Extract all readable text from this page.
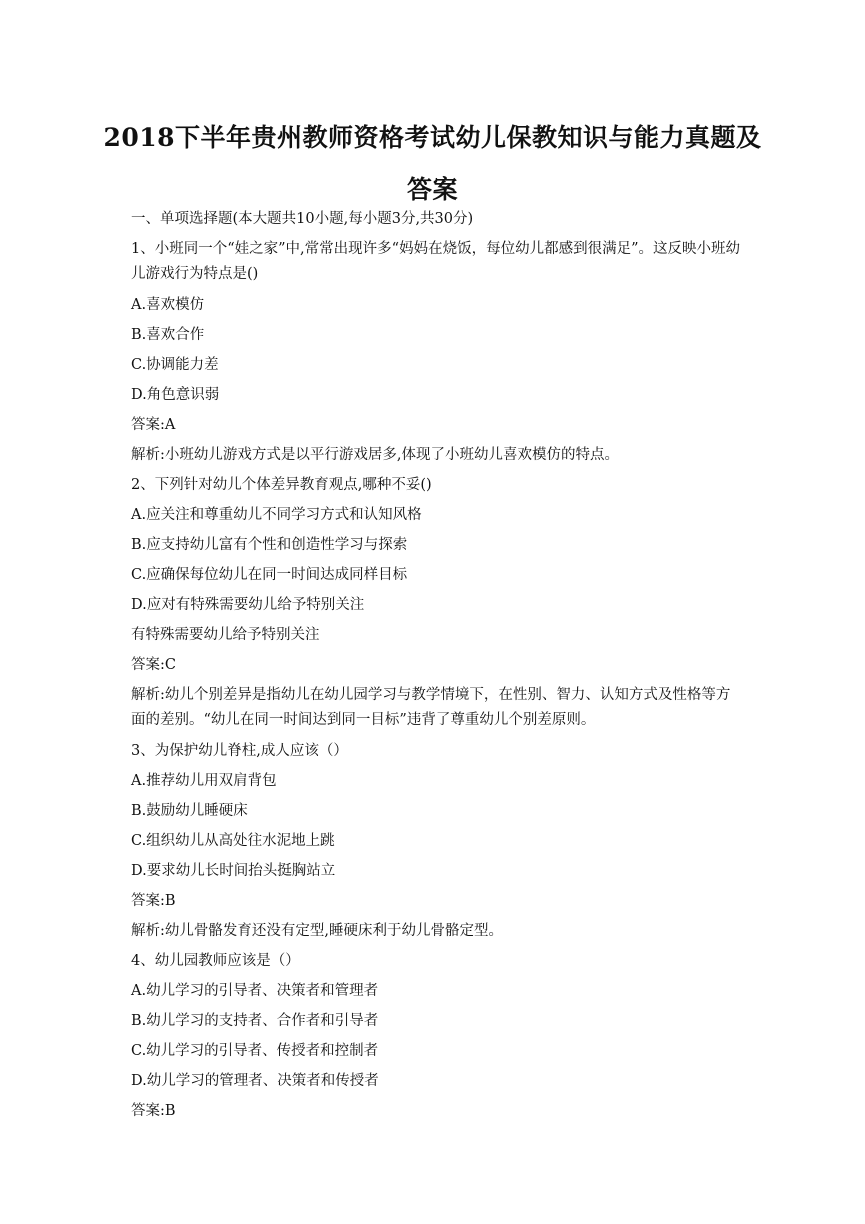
2018下半年贵州教师资格考试幼儿保教知识与能力真题及
答案

一、单项选择题(本大题共10小题,每小题3分,共30分)

1、小班同一个“娃之家”中,常常出现许多“妈妈在烧饭，每位幼儿都感到很满足”。这反映小班幼儿游戏行为特点是()

A.喜欢模仿

B.喜欢合作

C.协调能力差

D.角色意识弱

答案:A

解析:小班幼儿游戏方式是以平行游戏居多,体现了小班幼儿喜欢模仿的特点。

2、下列针对幼儿个体差异教育观点,哪种不妥()

A.应关注和尊重幼儿不同学习方式和认知风格

B.应支持幼儿富有个性和创造性学习与探索

C.应确保每位幼儿在同一时间达成同样目标

D.应对有特殊需要幼儿给予特别关注

有特殊需要幼儿给予特别关注

答案:C

解析:幼儿个别差异是指幼儿在幼儿园学习与教学情境下，在性别、智力、认知方式及性格等方面的差别。“幼儿在同一时间达到同一目标”违背了尊重幼儿个别差原则。

3、为保护幼儿脊柱,成人应该（）

A.推荐幼儿用双肩背包

B.鼓励幼儿睡硬床

C.组织幼儿从高处往水泥地上跳

D.要求幼儿长时间抬头挺胸站立

答案:B

解析:幼儿骨骼发育还没有定型,睡硬床利于幼儿骨骼定型。

4、幼儿园教师应该是（）

A.幼儿学习的引导者、决策者和管理者

B.幼儿学习的支持者、合作者和引导者

C.幼儿学习的引导者、传授者和控制者

D.幼儿学习的管理者、决策者和传授者

答案:B
